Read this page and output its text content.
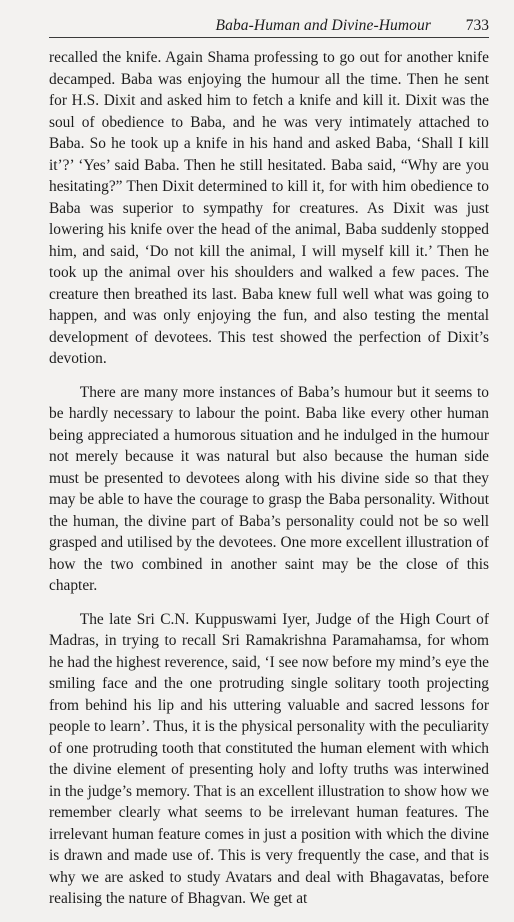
Baba-Human and Divine-Humour 733

recalled the knife. Again Shama professing to go out for another knife decamped. Baba was enjoying the humour all the time. Then he sent for H.S. Dixit and asked him to fetch a knife and kill it. Dixit was the soul of obedience to Baba, and he was very intimately attached to Baba. So he took up a knife in his hand and asked Baba, ‘Shall I kill it’?’ ‘Yes’ said Baba. Then he still hesitated. Baba said, “Why are you hesitating?” Then Dixit determined to kill it, for with him obedience to Baba was superior to sympathy for creatures. As Dixit was just lowering his knife over the head of the animal, Baba suddenly stopped him, and said, ‘Do not kill the animal, I will myself kill it.’ Then he took up the animal over his shoulders and walked a few paces. The creature then breathed its last. Baba knew full well what was going to happen, and was only enjoying the fun, and also testing the mental development of devotees. This test showed the perfection of Dixit’s devotion.

There are many more instances of Baba’s humour but it seems to be hardly necessary to labour the point. Baba like every other human being appreciated a humorous situation and he indulged in the humour not merely because it was natural but also because the human side must be presented to devotees along with his divine side so that they may be able to have the courage to grasp the Baba personality. Without the human, the divine part of Baba’s personality could not be so well grasped and utilised by the devotees. One more excellent illustration of how the two combined in another saint may be the close of this chapter.

The late Sri C.N. Kuppuswami Iyer, Judge of the High Court of Madras, in trying to recall Sri Ramakrishna Paramahamsa, for whom he had the highest reverence, said, ‘I see now before my mind’s eye the smiling face and the one protruding single solitary tooth projecting from behind his lip and his uttering valuable and sacred lessons for people to learn’. Thus, it is the physical personality with the peculiarity of one protruding tooth that constituted the human element with which the divine element of presenting holy and lofty truths was interwined in the judge’s memory. That is an excellent illustration to show how we remember clearly what seems to be irrelevant human features. The irrelevant human feature comes in just a position with which the divine is drawn and made use of. This is very frequently the case, and that is why we are asked to study Avatars and deal with Bhagavatas, before realising the nature of Bhagvan. We get at
